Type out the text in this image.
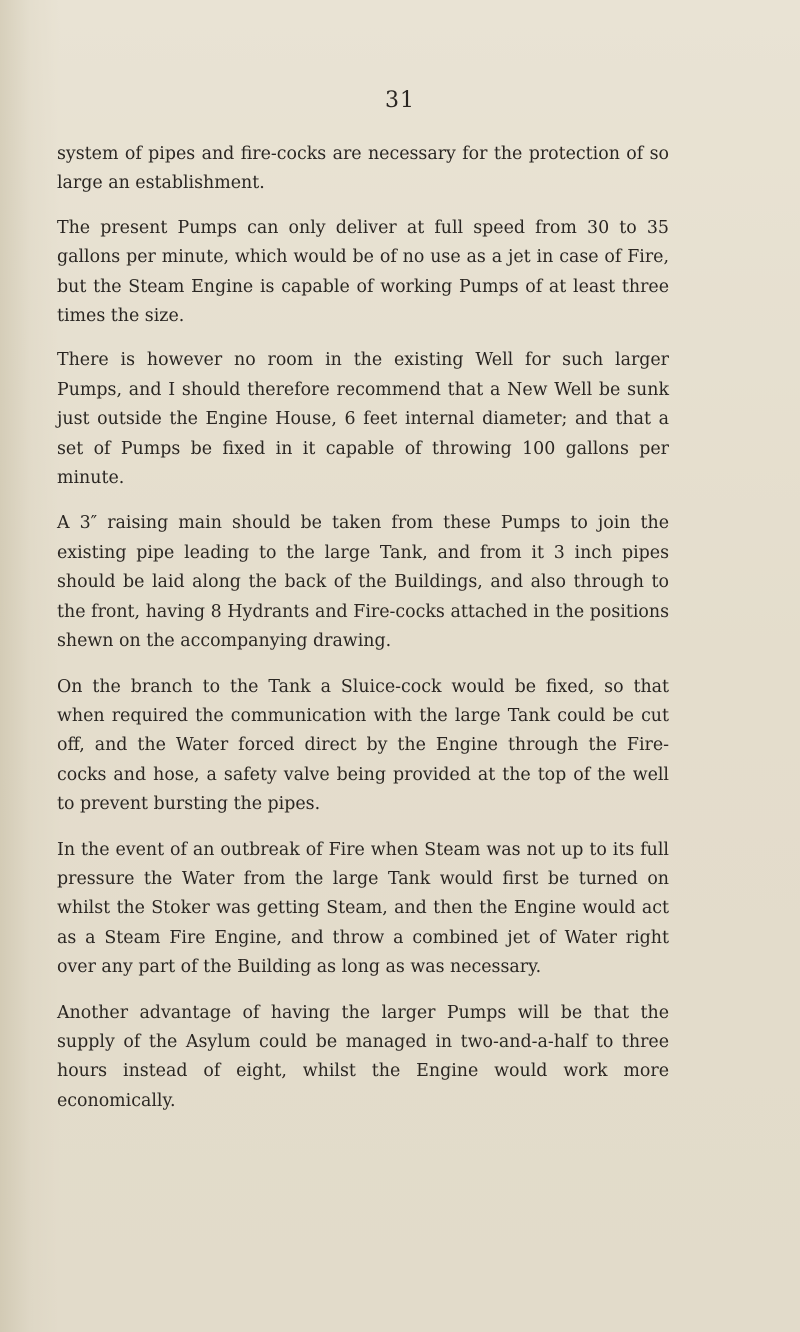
31

system of pipes and fire-cocks are necessary for the protection of so large an establishment.

The present Pumps can only deliver at full speed from 30 to 35 gallons per minute, which would be of no use as a jet in case of Fire, but the Steam Engine is capable of working Pumps of at least three times the size.

There is however no room in the existing Well for such larger Pumps, and I should therefore recommend that a New Well be sunk just outside the Engine House, 6 feet internal diameter; and that a set of Pumps be fixed in it capable of throwing 100 gallons per minute.

A 3″ raising main should be taken from these Pumps to join the existing pipe leading to the large Tank, and from it 3 inch pipes should be laid along the back of the Buildings, and also through to the front, having 8 Hydrants and Fire-cocks attached in the positions shewn on the accompanying drawing.

On the branch to the Tank a Sluice-cock would be fixed, so that when required the communication with the large Tank could be cut off, and the Water forced direct by the Engine through the Fire-cocks and hose, a safety valve being provided at the top of the well to prevent bursting the pipes.

In the event of an outbreak of Fire when Steam was not up to its full pressure the Water from the large Tank would first be turned on whilst the Stoker was getting Steam, and then the Engine would act as a Steam Fire Engine, and throw a combined jet of Water right over any part of the Building as long as was necessary.

Another advantage of having the larger Pumps will be that the supply of the Asylum could be managed in two-and-a-half to three hours instead of eight, whilst the Engine would work more economically.
